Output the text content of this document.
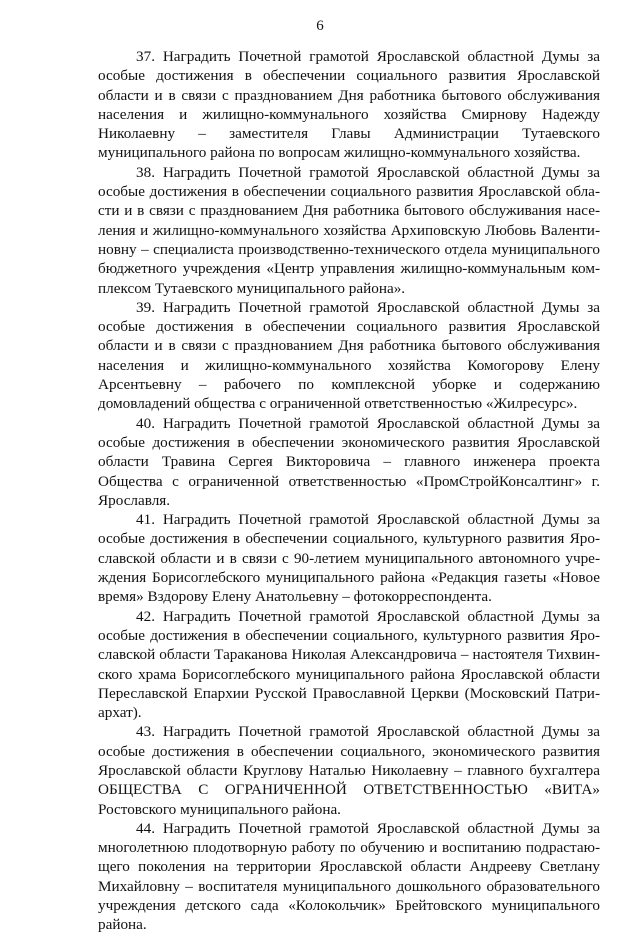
6

37. Наградить Почетной грамотой Ярославской областной Думы за особые достижения в обеспечении социального развития Ярославской области и в связи с празднованием Дня работника бытового обслуживания населения и жилищно-коммунального хозяйства Смирнову Надежду Николаевну – заместителя Главы Администрации Тутаевского муниципального района по вопросам жилищно-коммунального хозяйства.

38. Наградить Почетной грамотой Ярославской областной Думы за особые достижения в обеспечении социального развития Ярославской области и в связи с празднованием Дня работника бытового обслуживания населения и жилищно-коммунального хозяйства Архиповскую Любовь Валентиновну – специалиста производственно-технического отдела муниципального бюджетного учреждения «Центр управления жилищно-коммунальным комплексом Тутаевского муниципального района».

39. Наградить Почетной грамотой Ярославской областной Думы за особые достижения в обеспечении социального развития Ярославской области и в связи с празднованием Дня работника бытового обслуживания населения и жилищно-коммунального хозяйства Комогорову Елену Арсентьевну – рабочего по комплексной уборке и содержанию домовладений общества с ограниченной ответственностью «Жилресурс».

40. Наградить Почетной грамотой Ярославской областной Думы за особые достижения в обеспечении экономического развития Ярославской области Травина Сергея Викторовича – главного инженера проекта Общества с ограниченной ответственностью «ПромСтройКонсалтинг» г. Ярославля.

41. Наградить Почетной грамотой Ярославской областной Думы за особые достижения в обеспечении социального, культурного развития Ярославской области и в связи с 90-летием муниципального автономного учреждения Борисоглебского муниципального района «Редакция газеты «Новое время» Вздорову Елену Анатольевну – фотокорреспондента.

42. Наградить Почетной грамотой Ярославской областной Думы за особые достижения в обеспечении социального, культурного развития Ярославской области Тараканова Николая Александровича – настоятеля Тихвинского храма Борисоглебского муниципального района Ярославской области Переславской Епархии Русской Православной Церкви (Московский Патриархат).

43. Наградить Почетной грамотой Ярославской областной Думы за особые достижения в обеспечении социального, экономического развития Ярославской области Круглову Наталью Николаевну – главного бухгалтера ОБЩЕСТВА С ОГРАНИЧЕННОЙ ОТВЕТСТВЕННОСТЬЮ «ВИТА» Ростовского муниципального района.

44. Наградить Почетной грамотой Ярославской областной Думы за многолетнюю плодотворную работу по обучению и воспитанию подрастающего поколения на территории Ярославской области Андрееву Светлану Михайловну – воспитателя муниципального дошкольного образовательного учреждения детского сада «Колокольчик» Брейтовского муниципального района.
